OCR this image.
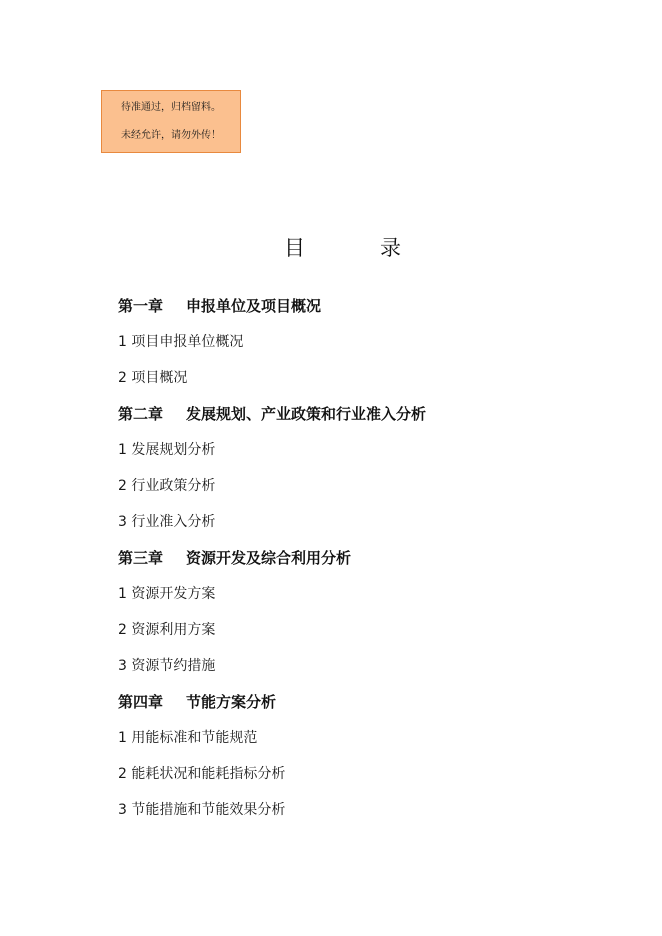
待准通过，归档留料。
未经允许，请勿外传！
目	录
第一章 申报单位及项目概况
1 项目申报单位概况
2 项目概况
第二章 发展规划、产业政策和行业准入分析
1 发展规划分析
2 行业政策分析
3 行业准入分析
第三章 资源开发及综合利用分析
1 资源开发方案
2 资源利用方案
3 资源节约措施
第四章 节能方案分析
1 用能标准和节能规范
2 能耗状况和能耗指标分析
3 节能措施和节能效果分析
